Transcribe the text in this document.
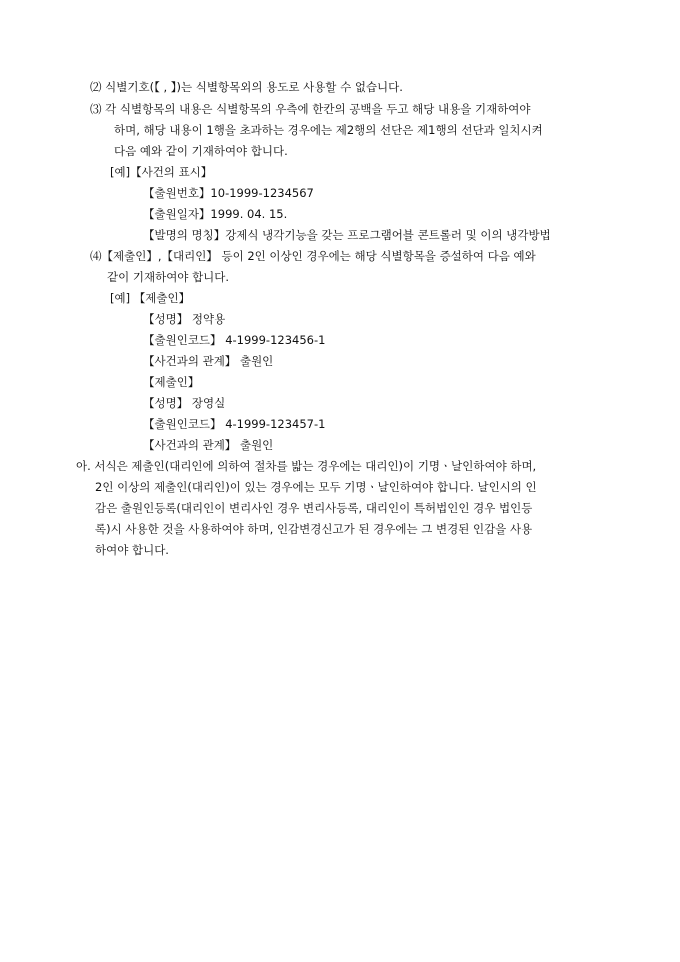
⑵ 식별기호(【 , 】)는 식별항목외의 용도로 사용할 수 없습니다.
⑶ 각 식별항목의 내용은 식별항목의 우측에 한칸의 공백을 두고 해당 내용을 기재하여야
하며, 해당 내용이 1행을 초과하는 경우에는 제2행의 선단은 제1행의 선단과 일치시켜
다음 예와 같이 기재하여야 합니다.
[예]【사건의 표시】
【출원번호】10-1999-1234567
【출원일자】1999. 04. 15.
【발명의 명칭】강제식 냉각기능을 갖는 프로그램어블 콘트롤러 및 이의 냉각방법
⑷【제출인】,【대리인】 등이 2인 이상인 경우에는 해당 식별항목을 증설하여 다음 예와
같이 기재하여야 합니다.
[예] 【제출인】
【성명】 정약용
【출원인코드】 4-1999-123456-1
【사건과의 관계】 출원인
【제출인】
【성명】 장영실
【출원인코드】 4-1999-123457-1
【사건과의 관계】 출원인
아. 서식은 제출인(대리인에 의하여 절차를 밟는 경우에는 대리인)이 기명ㆍ날인하여야 하며,
2인 이상의 제출인(대리인)이 있는 경우에는 모두 기명ㆍ날인하여야 합니다. 날인시의 인
감은 출원인등록(대리인이 변리사인 경우 변리사등록, 대리인이 특허법인인 경우 법인등
록)시 사용한 것을 사용하여야 하며, 인감변경신고가 된 경우에는 그 변경된 인감을 사용
하여야 합니다.
